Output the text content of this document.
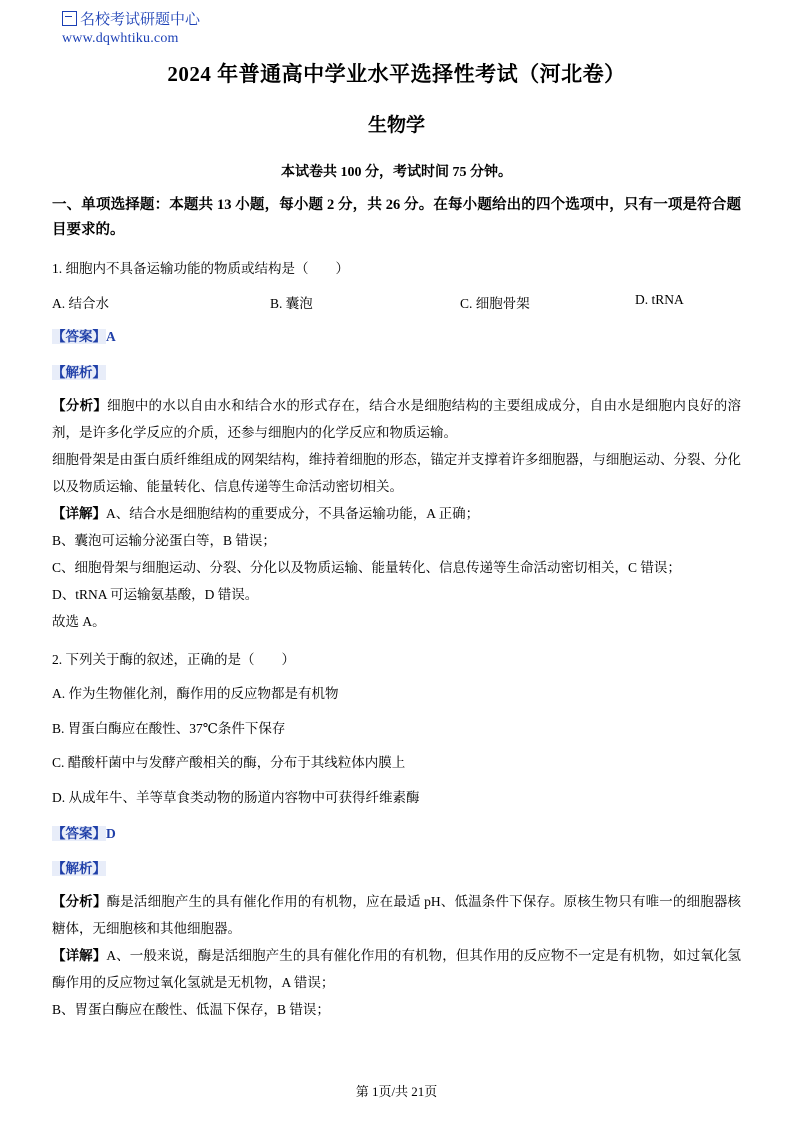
名校考试研题中心
www.dqwhtiku.com
2024 年普通高中学业水平选择性考试（河北卷）
生物学
本试卷共 100 分，考试时间 75 分钟。
一、单项选择题：本题共 13 小题，每小题 2 分，共 26 分。在每小题给出的四个选项中，只有一项是符合题目要求的。
1. 细胞内不具备运输功能的物质或结构是（　　）
A. 结合水	B. 囊泡	C. 细胞骨架	D. tRNA
【答案】A
【解析】
【分析】细胞中的水以自由水和结合水的形式存在，结合水是细胞结构的主要组成成分，自由水是细胞内良好的溶剂，是许多化学反应的介质，还参与细胞内的化学反应和物质运输。
细胞骨架是由蛋白质纤维组成的网架结构，维持着细胞的形态，锚定并支撑着许多细胞器，与细胞运动、分裂、分化以及物质运输、能量转化、信息传递等生命活动密切相关。
【详解】A、结合水是细胞结构的重要成分，不具备运输功能，A 正确；
B、囊泡可运输分泌蛋白等，B 错误；
C、细胞骨架与细胞运动、分裂、分化以及物质运输、能量转化、信息传递等生命活动密切相关，C 错误；
D、tRNA 可运输氨基酸，D 错误。
故选 A。
2. 下列关于酶的叙述，正确的是（　　）
A. 作为生物催化剂，酶作用的反应物都是有机物
B. 胃蛋白酶应在酸性、37℃条件下保存
C. 醋酸杆菌中与发酵产酸相关的酶，分布于其线粒体内膜上
D. 从成年牛、羊等草食类动物的肠道内容物中可获得纤维素酶
【答案】D
【解析】
【分析】酶是活细胞产生的具有催化作用的有机物，应在最适 pH、低温条件下保存。原核生物只有唯一的细胞器核糖体，无细胞核和其他细胞器。
【详解】A、一般来说，酶是活细胞产生的具有催化作用的有机物，但其作用的反应物不一定是有机物，如过氧化氢酶作用的反应物过氧化氢就是无机物，A 错误；
B、胃蛋白酶应在酸性、低温下保存，B 错误；
第 1页/共 21页
